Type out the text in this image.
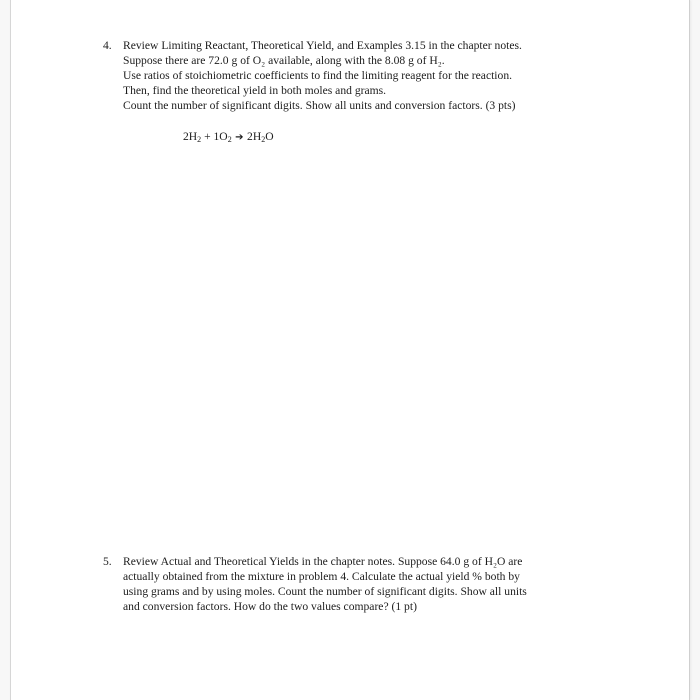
4. Review Limiting Reactant, Theoretical Yield, and Examples 3.15 in the chapter notes.
Suppose there are 72.0 g of O₂ available, along with the 8.08 g of H₂.
Use ratios of stoichiometric coefficients to find the limiting reagent for the reaction.
Then, find the theoretical yield in both moles and grams.
Count the number of significant digits. Show all units and conversion factors. (3 pts)
2H2 + 1O2 ➔ 2H2O
5. Review Actual and Theoretical Yields in the chapter notes. Suppose 64.0 g of H₂O are
actually obtained from the mixture in problem 4. Calculate the actual yield % both by
using grams and by using moles. Count the number of significant digits. Show all units
and conversion factors. How do the two values compare? (1 pt)
